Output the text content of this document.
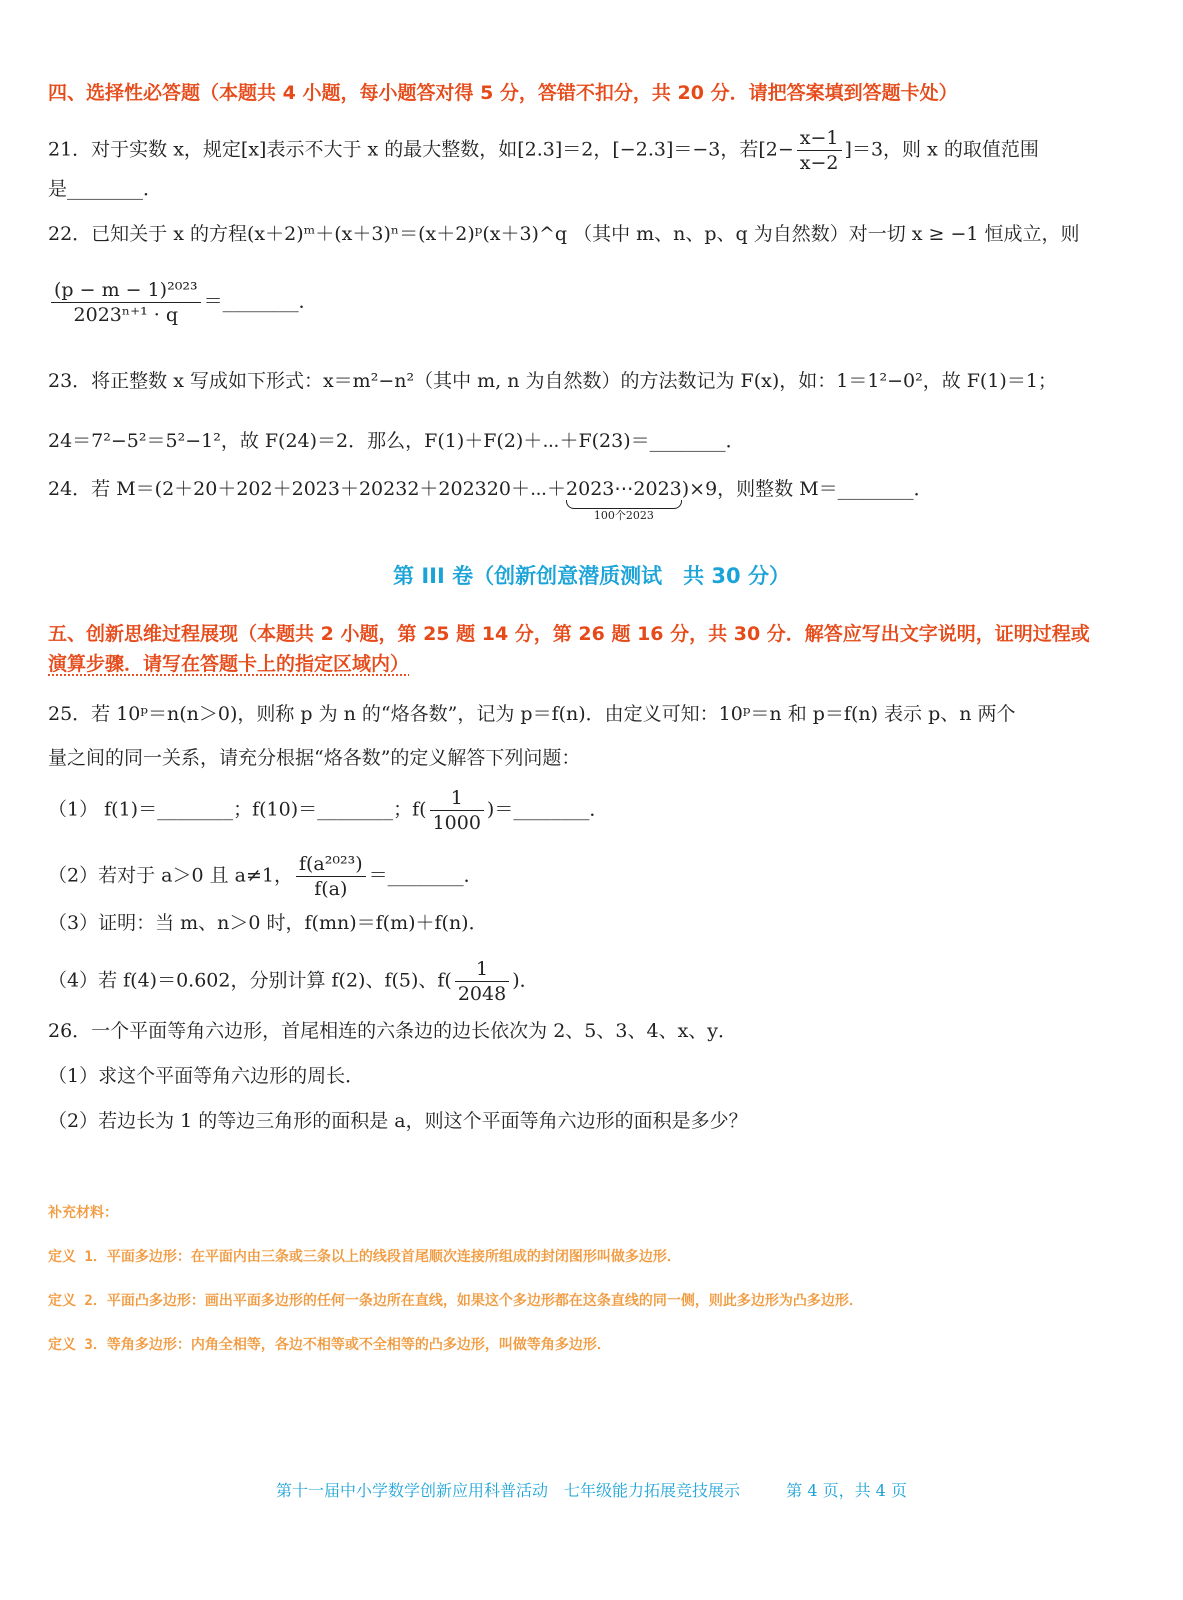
四、选择性必答题（本题共 4 小题，每小题答对得 5 分，答错不扣分，共 20 分．请把答案填到答题卡处）
21．对于实数 x，规定[x]表示不大于 x 的最大整数，如[2.3]＝2，[−2.3]＝−3，若$[2- \frac{x-1}{x-2} ]=3$，则 x 的取值范围
是________．
22．已知关于 x 的方程(x＋2)ᵐ＋(x＋3)ⁿ＝(x＋2)ᵖ(x＋3)^q （其中 m、n、p、q 为自然数）对一切 x ≥ −1 恒成立，则
$\frac{\text{(p − m − 1)²⁰²³}}{\text{2023ⁿ⁺¹ · q}}$ ＝________．
23．将正整数 x 写成如下形式：x＝m²−n²（其中 m, n 为自然数）的方法数记为 F(x)，如：1＝1²−0²，故 F(1)＝1；
24＝7²−5²＝5²−1²，故 F(24)＝2．那么，F(1)＋F(2)＋⋯＋F(23)＝________．
24．若 M＝(2＋20＋202＋2023＋20232＋202320＋⋯＋2023⋯2023
100个2023
)×9，则整数 M＝________．
第 III 卷（创新创意潜质测试　共 30 分）
五、创新思维过程展现（本题共 2 小题，第 25 题 14 分，第 26 题 16 分，共 30 分．解答应写出文字说明，证明过程或
演算步骤．请写在答题卡上的指定区域内）
25．若 10ᵖ＝n(n＞0)，则称 p 为 n 的“烙各数”，记为 p＝f(n)．由定义可知：10ᵖ＝n 和 p＝f(n) 表示 p、n 两个
量之间的同一关系，请充分根据“烙各数”的定义解答下列问题：
（1） f(1)＝________；f(10)＝________；$f( \frac{1}{1000}$ )＝________．
（2）若对于 a＞0 且 a≠1， $\frac{\text{f(a²⁰²³)}}{f(a)}$ ＝________．
（3）证明：当 m、n＞0 时，f(mn)＝f(m)＋f(n)．
（4）若 f(4)＝0.602，分别计算 f(2)、f(5)、$f( \frac{1}{2048}$ )．
26．一个平面等角六边形，首尾相连的六条边的边长依次为 2、5、3、4、x、y．
（1）求这个平面等角六边形的周长．
（2）若边长为 1 的等边三角形的面积是 a，则这个平面等角六边形的面积是多少？
补充材料：
定义 1．平面多边形：在平面内由三条或三条以上的线段首尾顺次连接所组成的封闭图形叫做多边形．
定义 2．平面凸多边形：画出平面多边形的任何一条边所在直线，如果这个多边形都在这条直线的同一侧，则此多边形为凸多边形．
定义 3．等角多边形：内角全相等，各边不相等或不全相等的凸多边形，叫做等角多边形．
第十一届中小学数学创新应用科普活动　七年级能力拓展竞技展示	第 4 页，共 4 页
